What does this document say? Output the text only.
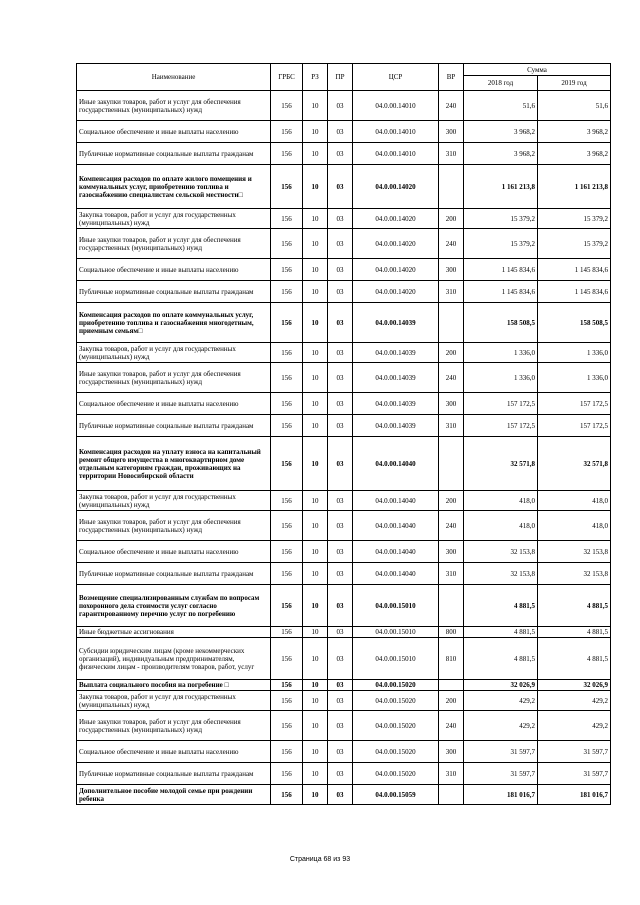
Наименование	ГРБС	РЗ	ПР	ЦСР	ВР	Сумма	
						2018 год	2019 год
Иные закупки товаров, работ и услуг для обеспечения государственных (муниципальных) нужд	156	10	03	04.0.00.14010	240	51,6	51,6
Социальное обеспечение и иные выплаты населению	156	10	03	04.0.00.14010	300	3 968,2	3 968,2
Публичные нормативные социальные выплаты гражданам	156	10	03	04.0.00.14010	310	3 968,2	3 968,2
Компенсация расходов по оплате жилого помещения и коммунальных услуг, приобретению топлива и газоснабжению специалистам сельской местности□	156	10	03	04.0.00.14020		1 161 213,8	1 161 213,8
Закупка товаров, работ и услуг для государственных (муниципальных) нужд	156	10	03	04.0.00.14020	200	15 379,2	15 379,2
Иные закупки товаров, работ и услуг для обеспечения государственных (муниципальных) нужд	156	10	03	04.0.00.14020	240	15 379,2	15 379,2
Социальное обеспечение и иные выплаты населению	156	10	03	04.0.00.14020	300	1 145 834,6	1 145 834,6
Публичные нормативные социальные выплаты гражданам	156	10	03	04.0.00.14020	310	1 145 834,6	1 145 834,6
Компенсация расходов по оплате коммунальных услуг, приобретению топлива и газоснабжения многодетным, приемным семьям□	156	10	03	04.0.00.14039		158 508,5	158 508,5
Закупка товаров, работ и услуг для государственных (муниципальных) нужд	156	10	03	04.0.00.14039	200	1 336,0	1 336,0
Иные закупки товаров, работ и услуг для обеспечения государственных (муниципальных) нужд	156	10	03	04.0.00.14039	240	1 336,0	1 336,0
Социальное обеспечение и иные выплаты населению	156	10	03	04.0.00.14039	300	157 172,5	157 172,5
Публичные нормативные социальные выплаты гражданам	156	10	03	04.0.00.14039	310	157 172,5	157 172,5
Компенсация расходов на уплату взноса на капитальный ремонт общего имущества в многоквартирном доме отдельным категориям граждан, проживающих на территории Новосибирской области	156	10	03	04.0.00.14040		32 571,8	32 571,8
Закупка товаров, работ и услуг для государственных (муниципальных) нужд	156	10	03	04.0.00.14040	200	418,0	418,0
Иные закупки товаров, работ и услуг для обеспечения государственных (муниципальных) нужд	156	10	03	04.0.00.14040	240	418,0	418,0
Социальное обеспечение и иные выплаты населению	156	10	03	04.0.00.14040	300	32 153,8	32 153,8
Публичные нормативные социальные выплаты гражданам	156	10	03	04.0.00.14040	310	32 153,8	32 153,8
Возмещение специализированным службам по вопросам похоронного дела стоимости услуг согласно гарантированному перечню услуг по погребению	156	10	03	04.0.00.15010		4 881,5	4 881,5
Иные бюджетные ассигнования	156	10	03	04.0.00.15010	800	4 881,5	4 881,5
Субсидии юридическим лицам (кроме некоммерческих организаций), индивидуальным предпринимателям, физическим лицам - производителям товаров, работ, услуг	156	10	03	04.0.00.15010	810	4 881,5	4 881,5
Выплата социального пособия на погребение □	156	10	03	04.0.00.15020		32 026,9	32 026,9
Закупка товаров, работ и услуг для государственных (муниципальных) нужд	156	10	03	04.0.00.15020	200	429,2	429,2
Иные закупки товаров, работ и услуг для обеспечения государственных (муниципальных) нужд	156	10	03	04.0.00.15020	240	429,2	429,2
Социальное обеспечение и иные выплаты населению	156	10	03	04.0.00.15020	300	31 597,7	31 597,7
Публичные нормативные социальные выплаты гражданам	156	10	03	04.0.00.15020	310	31 597,7	31 597,7
Дополнительное пособие молодой семье при рождении ребенка	156	10	03	04.0.00.15059		181 016,7	181 016,7
Страница 68 из 93
